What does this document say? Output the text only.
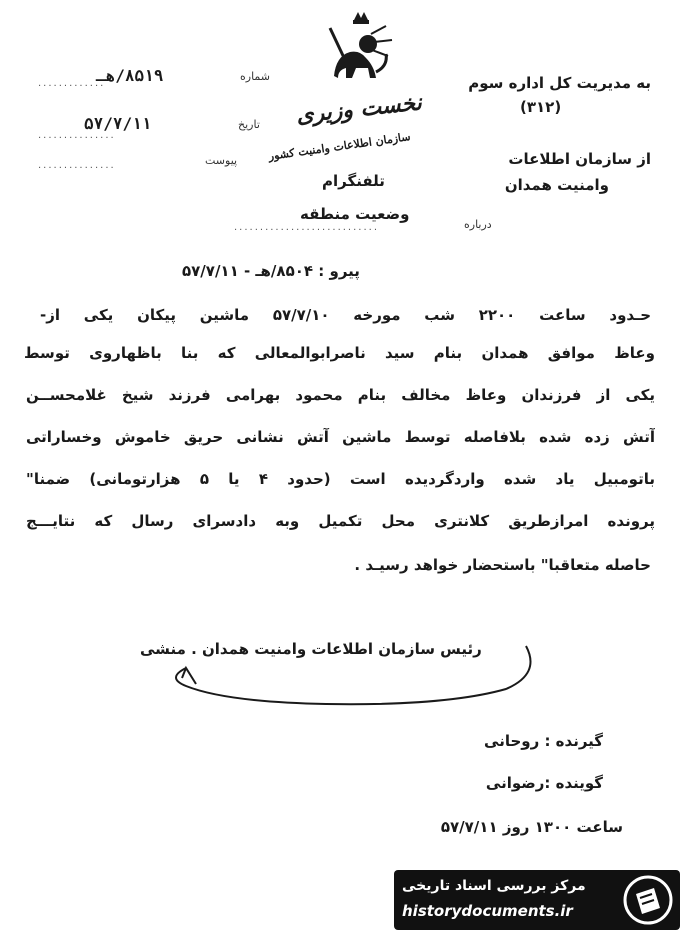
۸۵۱۹/هـ
.............
شماره
۵۷/۷/۱۱
...............
تاریخ
...............	پیوست
نخست وزیری
سازمان اطلاعات وامنیت کشور
تلفنگرام
به مدیریت کل اداره سوم
(۳۱۲)
از سازمان اطلاعات
وامنیت همدان
درباره
............................
وضعیت منطقه
پیرو : ۸۵۰۴/هـ - ۵۷/۷/۱۱
حـدود ساعت ۲۲۰۰ شب مورخه ۵۷/۷/۱۰ ماشین پیکان یکی از-
وعاظ موافق همدان بنام سید ناصرابوالمعالی که بنا باظهاروی توسط
یکی از فرزندان وعاظ مخالف بنام محمود بهرامی فرزند شیخ غلامحســن
آتش زده شده بلافاصله توسط ماشین آتش نشانی حریق خاموش وخساراتی
باتومبیل یاد شده واردگردیده است (حدود ۴ یا ۵ هزارتومانی) ضمنا"
پرونده امرازطریق کلانتری محل تکمیل وبه دادسرای رسال که نتایـــج
حاصله متعاقبا" باستحضار خواهد رسیـد .
رئیس سازمان اطلاعات وامنیت همدان . منشی
گیرنده : روحانی
گوینده :رضوانی
ساعت ۱۳۰۰ روز ۵۷/۷/۱۱
مرکز بررسی اسناد تاریخی
historydocuments.ir
